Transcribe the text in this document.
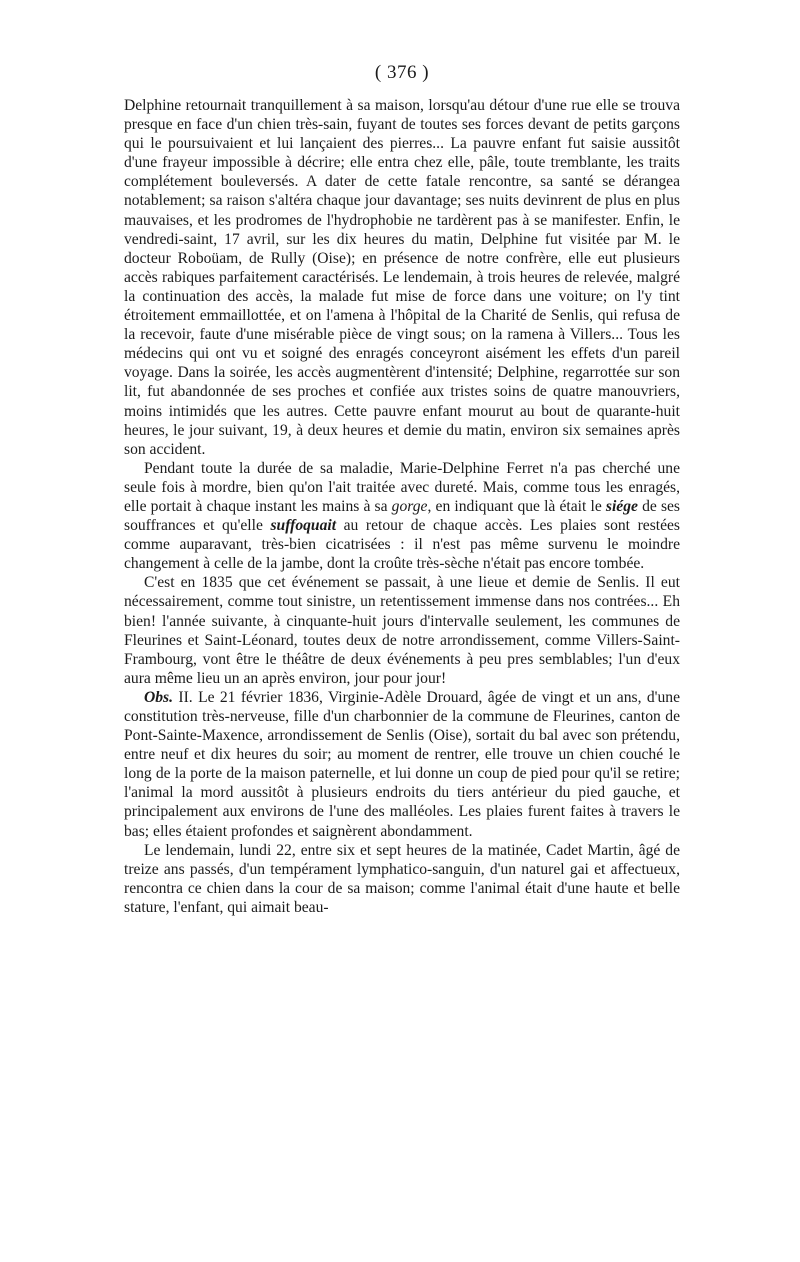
( 376 )

Delphine retournait tranquillement à sa maison, lorsqu'au détour d'une rue elle se trouva presque en face d'un chien très-sain, fuyant de toutes ses forces devant de petits garçons qui le poursuivaient et lui lançaient des pierres... La pauvre enfant fut saisie aussitôt d'une frayeur impossible à décrire; elle entra chez elle, pâle, toute tremblante, les traits complétement bouleversés. A dater de cette fatale rencontre, sa santé se dérangea notablement; sa raison s'altéra chaque jour davantage; ses nuits devinrent de plus en plus mauvaises, et les prodromes de l'hydrophobie ne tardèrent pas à se manifester. Enfin, le vendredi-saint, 17 avril, sur les dix heures du matin, Delphine fut visitée par M. le docteur Roboüam, de Rully (Oise); en présence de notre confrère, elle eut plusieurs accès rabiques parfaitement caractérisés. Le lendemain, à trois heures de relevée, malgré la continuation des accès, la malade fut mise de force dans une voiture; on l'y tint étroitement emmaillottée, et on l'amena à l'hôpital de la Charité de Senlis, qui refusa de la recevoir, faute d'une misérable pièce de vingt sous; on la ramena à Villers... Tous les médecins qui ont vu et soigné des enragés conceyront aisément les effets d'un pareil voyage. Dans la soirée, les accès augmentèrent d'intensité; Delphine, regarrottée sur son lit, fut abandonnée de ses proches et confiée aux tristes soins de quatre manouvriers, moins intimidés que les autres. Cette pauvre enfant mourut au bout de quarante-huit heures, le jour suivant, 19, à deux heures et demie du matin, environ six semaines après son accident.

Pendant toute la durée de sa maladie, Marie-Delphine Ferret n'a pas cherché une seule fois à mordre, bien qu'on l'ait traitée avec dureté. Mais, comme tous les enragés, elle portait à chaque instant les mains à sa gorge, en indiquant que là était le siége de ses souffrances et qu'elle suffoquait au retour de chaque accès. Les plaies sont restées comme auparavant, très-bien cicatrisées : il n'est pas même survenu le moindre changement à celle de la jambe, dont la croûte très-sèche n'était pas encore tombée.

C'est en 1835 que cet événement se passait, à une lieue et demie de Senlis. Il eut nécessairement, comme tout sinistre, un retentissement immense dans nos contrées... Eh bien! l'année suivante, à cinquante-huit jours d'intervalle seulement, les communes de Fleurines et Saint-Léonard, toutes deux de notre arrondissement, comme Villers-Saint-Frambourg, vont être le théâtre de deux événements à peu pres semblables; l'un d'eux aura même lieu un an après environ, jour pour jour!

Obs. II. Le 21 février 1836, Virginie-Adèle Drouard, âgée de vingt et un ans, d'une constitution très-nerveuse, fille d'un charbonnier de la commune de Fleurines, canton de Pont-Sainte-Maxence, arrondissement de Senlis (Oise), sortait du bal avec son prétendu, entre neuf et dix heures du soir; au moment de rentrer, elle trouve un chien couché le long de la porte de la maison paternelle, et lui donne un coup de pied pour qu'il se retire; l'animal la mord aussitôt à plusieurs endroits du tiers antérieur du pied gauche, et principalement aux environs de l'une des malléoles. Les plaies furent faites à travers le bas; elles étaient profondes et saignèrent abondamment.

Le lendemain, lundi 22, entre six et sept heures de la matinée, Cadet Martin, âgé de treize ans passés, d'un tempérament lymphatico-sanguin, d'un naturel gai et affectueux, rencontra ce chien dans la cour de sa maison; comme l'animal était d'une haute et belle stature, l'enfant, qui aimait beau-
